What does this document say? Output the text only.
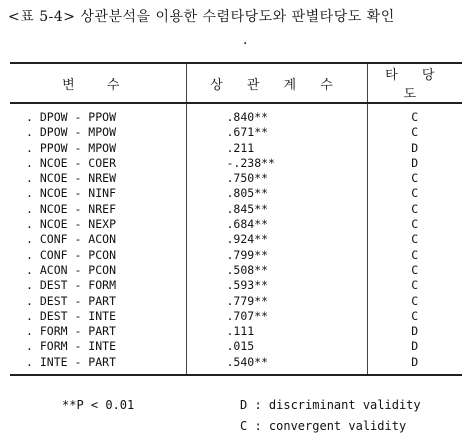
<표 5-4> 상관분석을 이용한 수렴타당도와 판별타당도 확인
·
변 수	상 관 계 수	타 당 도
. DPOW - PPOW	.840**	C
. DPOW - MPOW	.671**	C
. PPOW - MPOW	.211	D
. NCOE - COER	-.238**	D
. NCOE - NREW	.750**	C
. NCOE - NINF	.805**	C
. NCOE - NREF	.845**	C
. NCOE - NEXP	.684**	C
. CONF - ACON	.924**	C
. CONF - PCON	.799**	C
. ACON - PCON	.508**	C
. DEST - FORM	.593**	C
. DEST - PART	.779**	C
. DEST - INTE	.707**	C
. FORM - PART	.111	D
. FORM - INTE	.015	D
. INTE - PART	.540**	D
**P < 0.01	D : discriminant validity
C : convergent validity
